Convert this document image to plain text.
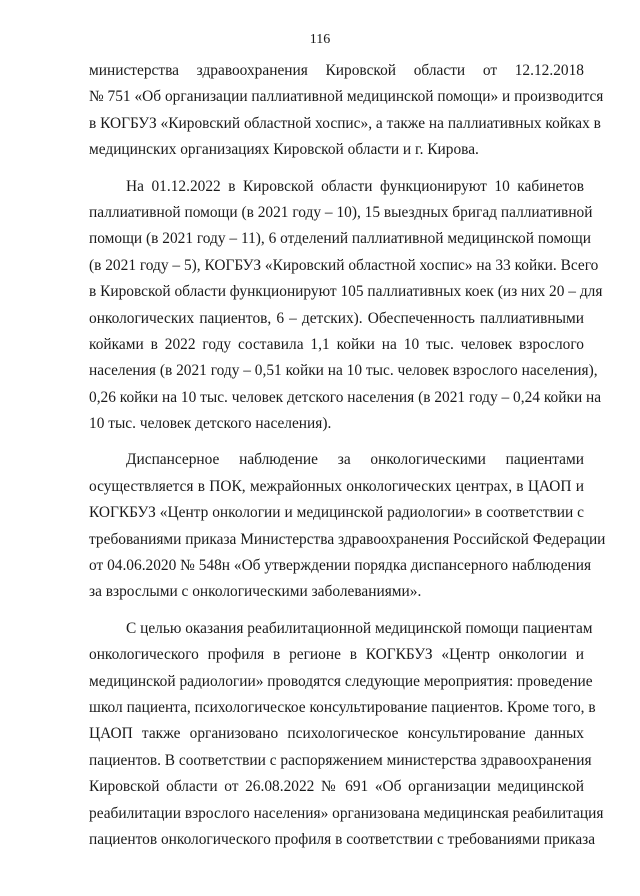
116
министерства здравоохранения Кировской области от 12.12.2018
№ 751 «Об организации паллиативной медицинской помощи» и производится
в КОГБУЗ «Кировский областной хоспис», а также на паллиативных койках в
медицинских организациях Кировской области и г. Кирова.
На 01.12.2022 в Кировской области функционируют 10 кабинетов
паллиативной помощи (в 2021 году – 10), 15 выездных бригад паллиативной
помощи (в 2021 году – 11), 6 отделений паллиативной медицинской помощи
(в 2021 году – 5), КОГБУЗ «Кировский областной хоспис» на 33 койки. Всего
в Кировской области функционируют 105 паллиативных коек (из них 20 – для
онкологических пациентов, 6 – детских). Обеспеченность паллиативными
койками в 2022 году составила 1,1 койки на 10 тыс. человек взрослого
населения (в 2021 году – 0,51 койки на 10 тыс. человек взрослого населения),
0,26 койки на 10 тыс. человек детского населения (в 2021 году – 0,24 койки на
10 тыс. человек детского населения).
Диспансерное наблюдение за онкологическими пациентами
осуществляется в ПОК, межрайонных онкологических центрах, в ЦАОП и
КОГКБУЗ «Центр онкологии и медицинской радиологии» в соответствии с
требованиями приказа Министерства здравоохранения Российской Федерации
от 04.06.2020 № 548н «Об утверждении порядка диспансерного наблюдения
за взрослыми с онкологическими заболеваниями».
С целью оказания реабилитационной медицинской помощи пациентам
онкологического профиля в регионе в КОГКБУЗ «Центр онкологии и
медицинской радиологии» проводятся следующие мероприятия: проведение
школ пациента, психологическое консультирование пациентов. Кроме того, в
ЦАОП также организовано психологическое консультирование данных
пациентов. В соответствии с распоряжением министерства здравоохранения
Кировской области от 26.08.2022 № 691 «Об организации медицинской
реабилитации взрослого населения» организована медицинская реабилитация
пациентов онкологического профиля в соответствии с требованиями приказа
